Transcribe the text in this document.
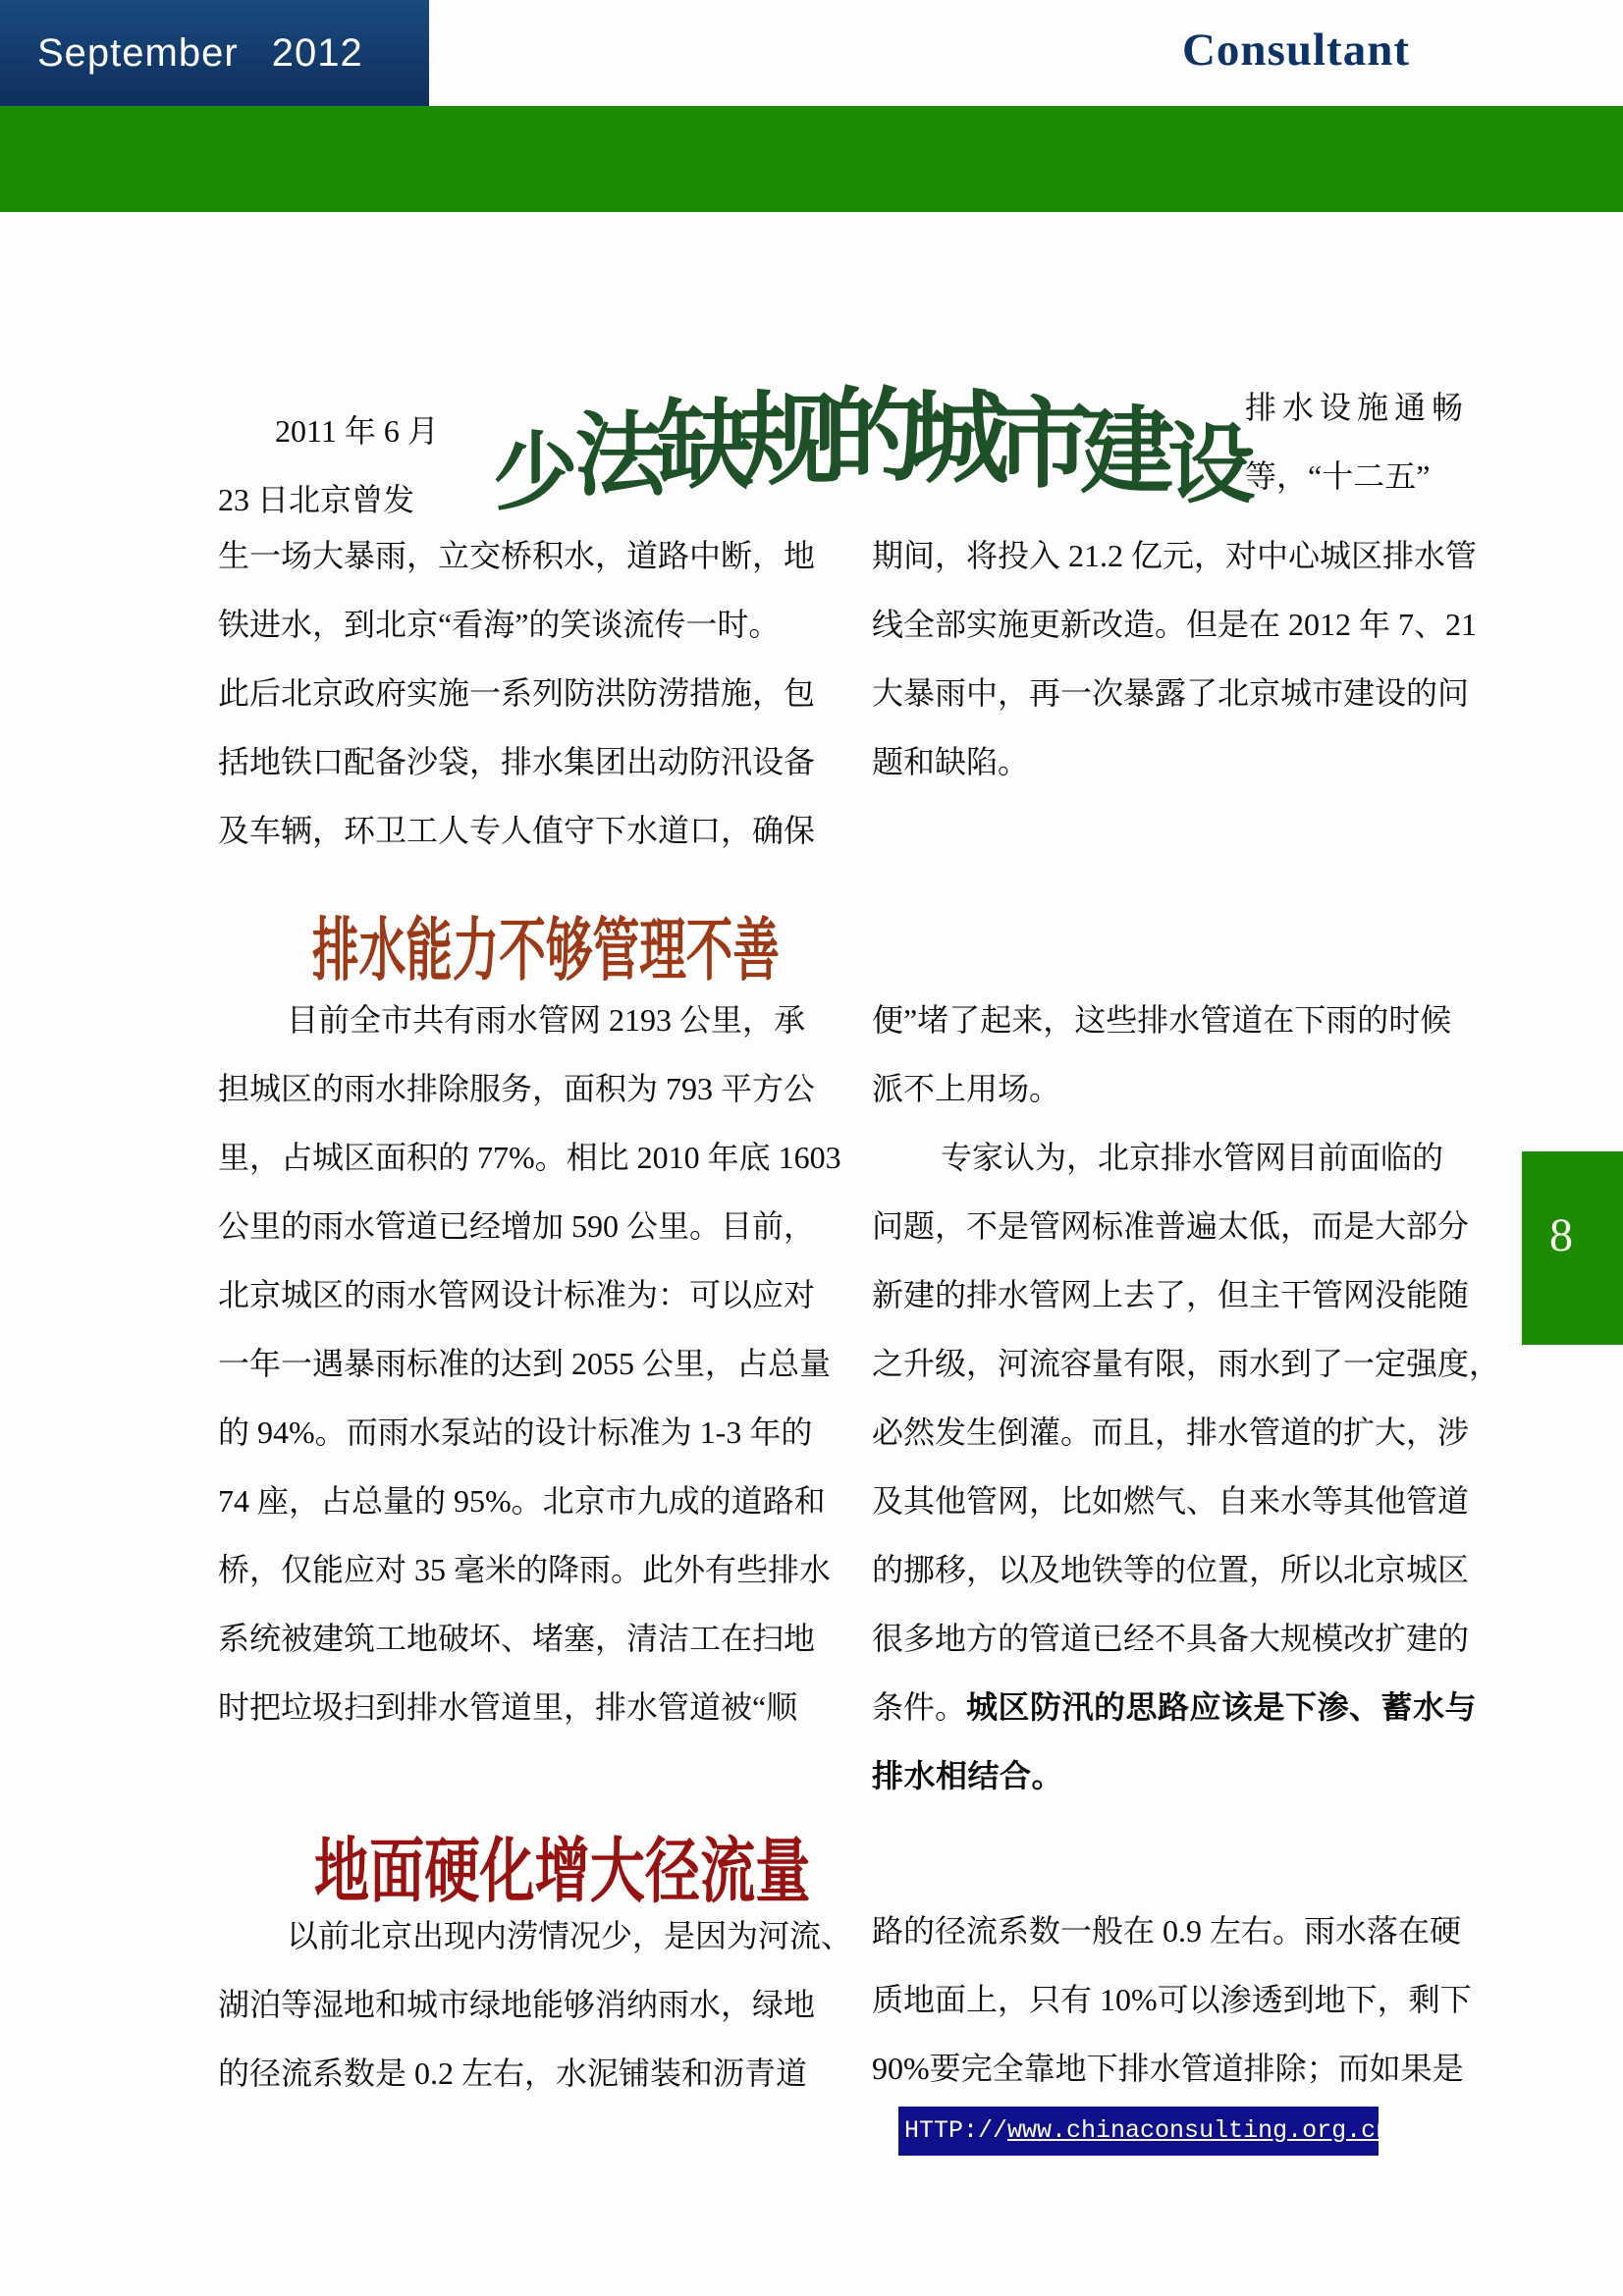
September 2012	Consultant
2011 年 6 月
23 日北京曾发 少法缺规的城市建设
排水设施通畅
等，“十二五”
生一场大暴雨，立交桥积水，道路中断，地
铁进水，到北京“看海”的笑谈流传一时。
此后北京政府实施一系列防洪防涝措施，包
括地铁口配备沙袋，排水集团出动防汛设备
及车辆，环卫工人专人值守下水道口，确保
期间，将投入 21.2 亿元，对中心城区排水管
线全部实施更新改造。但是在 2012 年 7、21
大暴雨中，再一次暴露了北京城市建设的问
题和缺陷。
排水能力不够管理不善
目前全市共有雨水管网 2193 公里，承
担城区的雨水排除服务，面积为 793 平方公
里，占城区面积的 77%。相比 2010 年底 1603
公里的雨水管道已经增加 590 公里。目前，
北京城区的雨水管网设计标准为：可以应对
一年一遇暴雨标准的达到 2055 公里，占总量
的 94%。而雨水泵站的设计标准为 1-3 年的
74 座，占总量的 95%。北京市九成的道路和
桥，仅能应对 35 毫米的降雨。此外有些排水
系统被建筑工地破坏、堵塞，清洁工在扫地
时把垃圾扫到排水管道里，排水管道被“顺
便”堵了起来，这些排水管道在下雨的时候
派不上用场。
专家认为，北京排水管网目前面临的
问题，不是管网标准普遍太低，而是大部分
新建的排水管网上去了，但主干管网没能随
之升级，河流容量有限，雨水到了一定强度，
必然发生倒灌。而且，排水管道的扩大，涉
及其他管网，比如燃气、自来水等其他管道
的挪移，以及地铁等的位置，所以北京城区
很多地方的管道已经不具备大规模改扩建的
条件。城区防汛的思路应该是下渗、蓄水与
排水相结合。
地面硬化增大径流量
以前北京出现内涝情况少，是因为河流、
湖泊等湿地和城市绿地能够消纳雨水，绿地
的径流系数是 0.2 左右，水泥铺装和沥青道
路的径流系数一般在 0.9 左右。雨水落在硬
质地面上，只有 10%可以渗透到地下，剩下
90%要完全靠地下排水管道排除；而如果是
8
HTTP://www.chinaconsulting.org.cn
